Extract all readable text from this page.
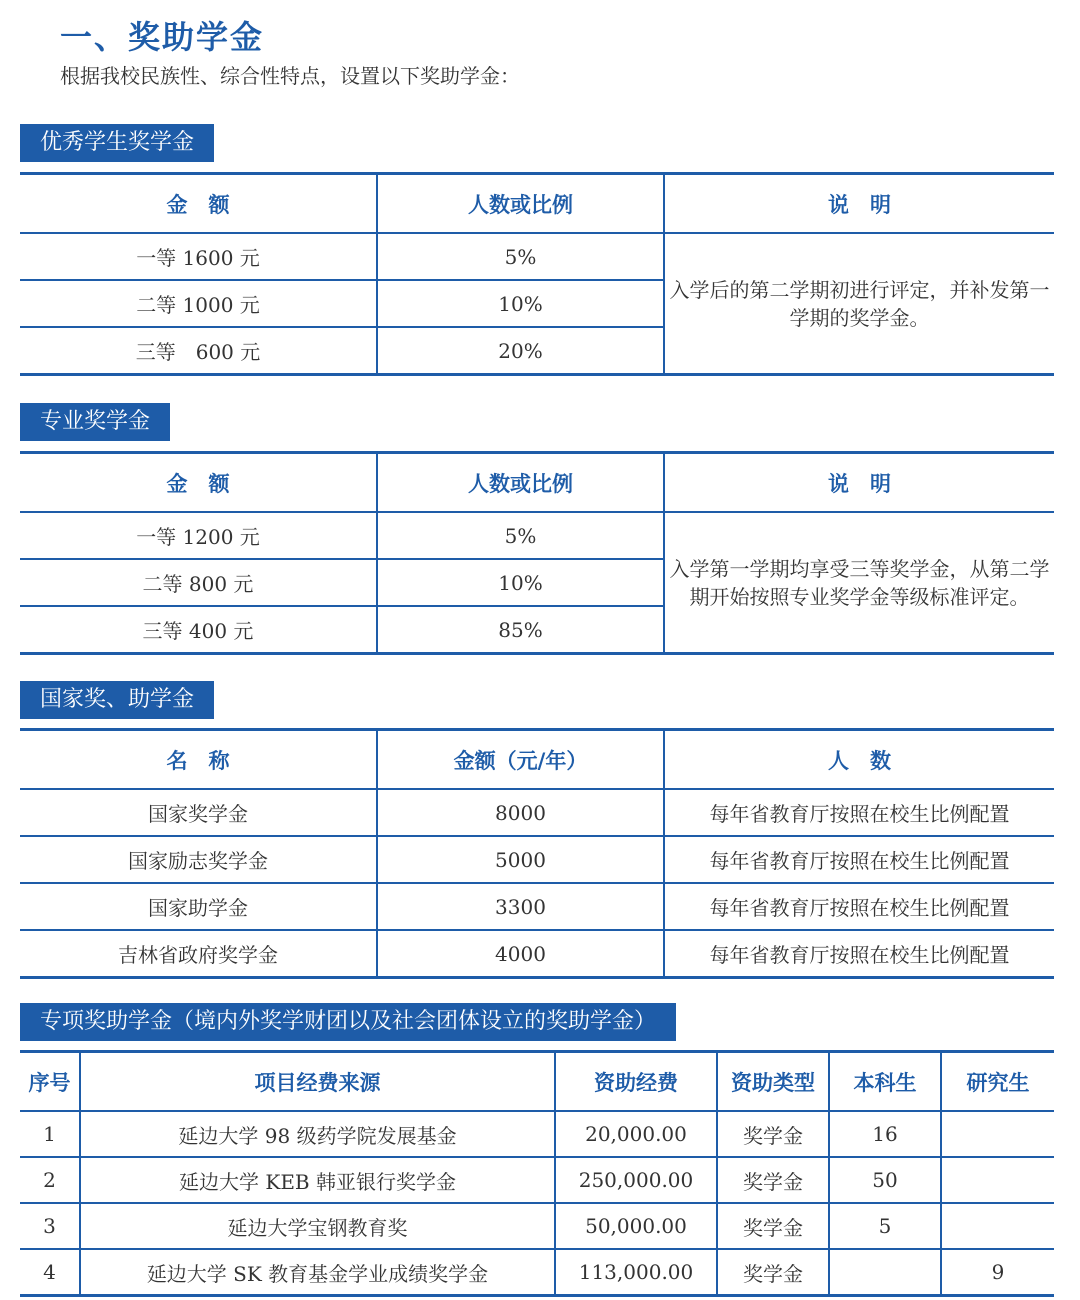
一、奖助学金

根据我校民族性、综合性特点，设置以下奖助学金：

优秀学生奖学金
金　额	人数或比例	说　明
一等 1600 元	5%	入学后的第二学期初进行评定，并补发第一学期的奖学金。
二等 1000 元	10%	
三等　600 元	20%	
专业奖学金
金　额	人数或比例	说　明
一等 1200 元	5%	入学第一学期均享受三等奖学金，从第二学期开始按照专业奖学金等级标准评定。
二等 800 元	10%	
三等 400 元	85%	
国家奖、助学金
名　称	金额（元/年）	人　数
国家奖学金	8000	每年省教育厅按照在校生比例配置
国家励志奖学金	5000	每年省教育厅按照在校生比例配置
国家助学金	3300	每年省教育厅按照在校生比例配置
吉林省政府奖学金	4000	每年省教育厅按照在校生比例配置
专项奖助学金（境内外奖学财团以及社会团体设立的奖助学金）
序号	项目经费来源	资助经费	资助类型	本科生	研究生
1	延边大学 98 级药学院发展基金	20,000.00	奖学金	16	
2	延边大学 KEB 韩亚银行奖学金	250,000.00	奖学金	50	
3	延边大学宝钢教育奖	50,000.00	奖学金	5	
4	延边大学 SK 教育基金学业成绩奖学金	113,000.00	奖学金		9
